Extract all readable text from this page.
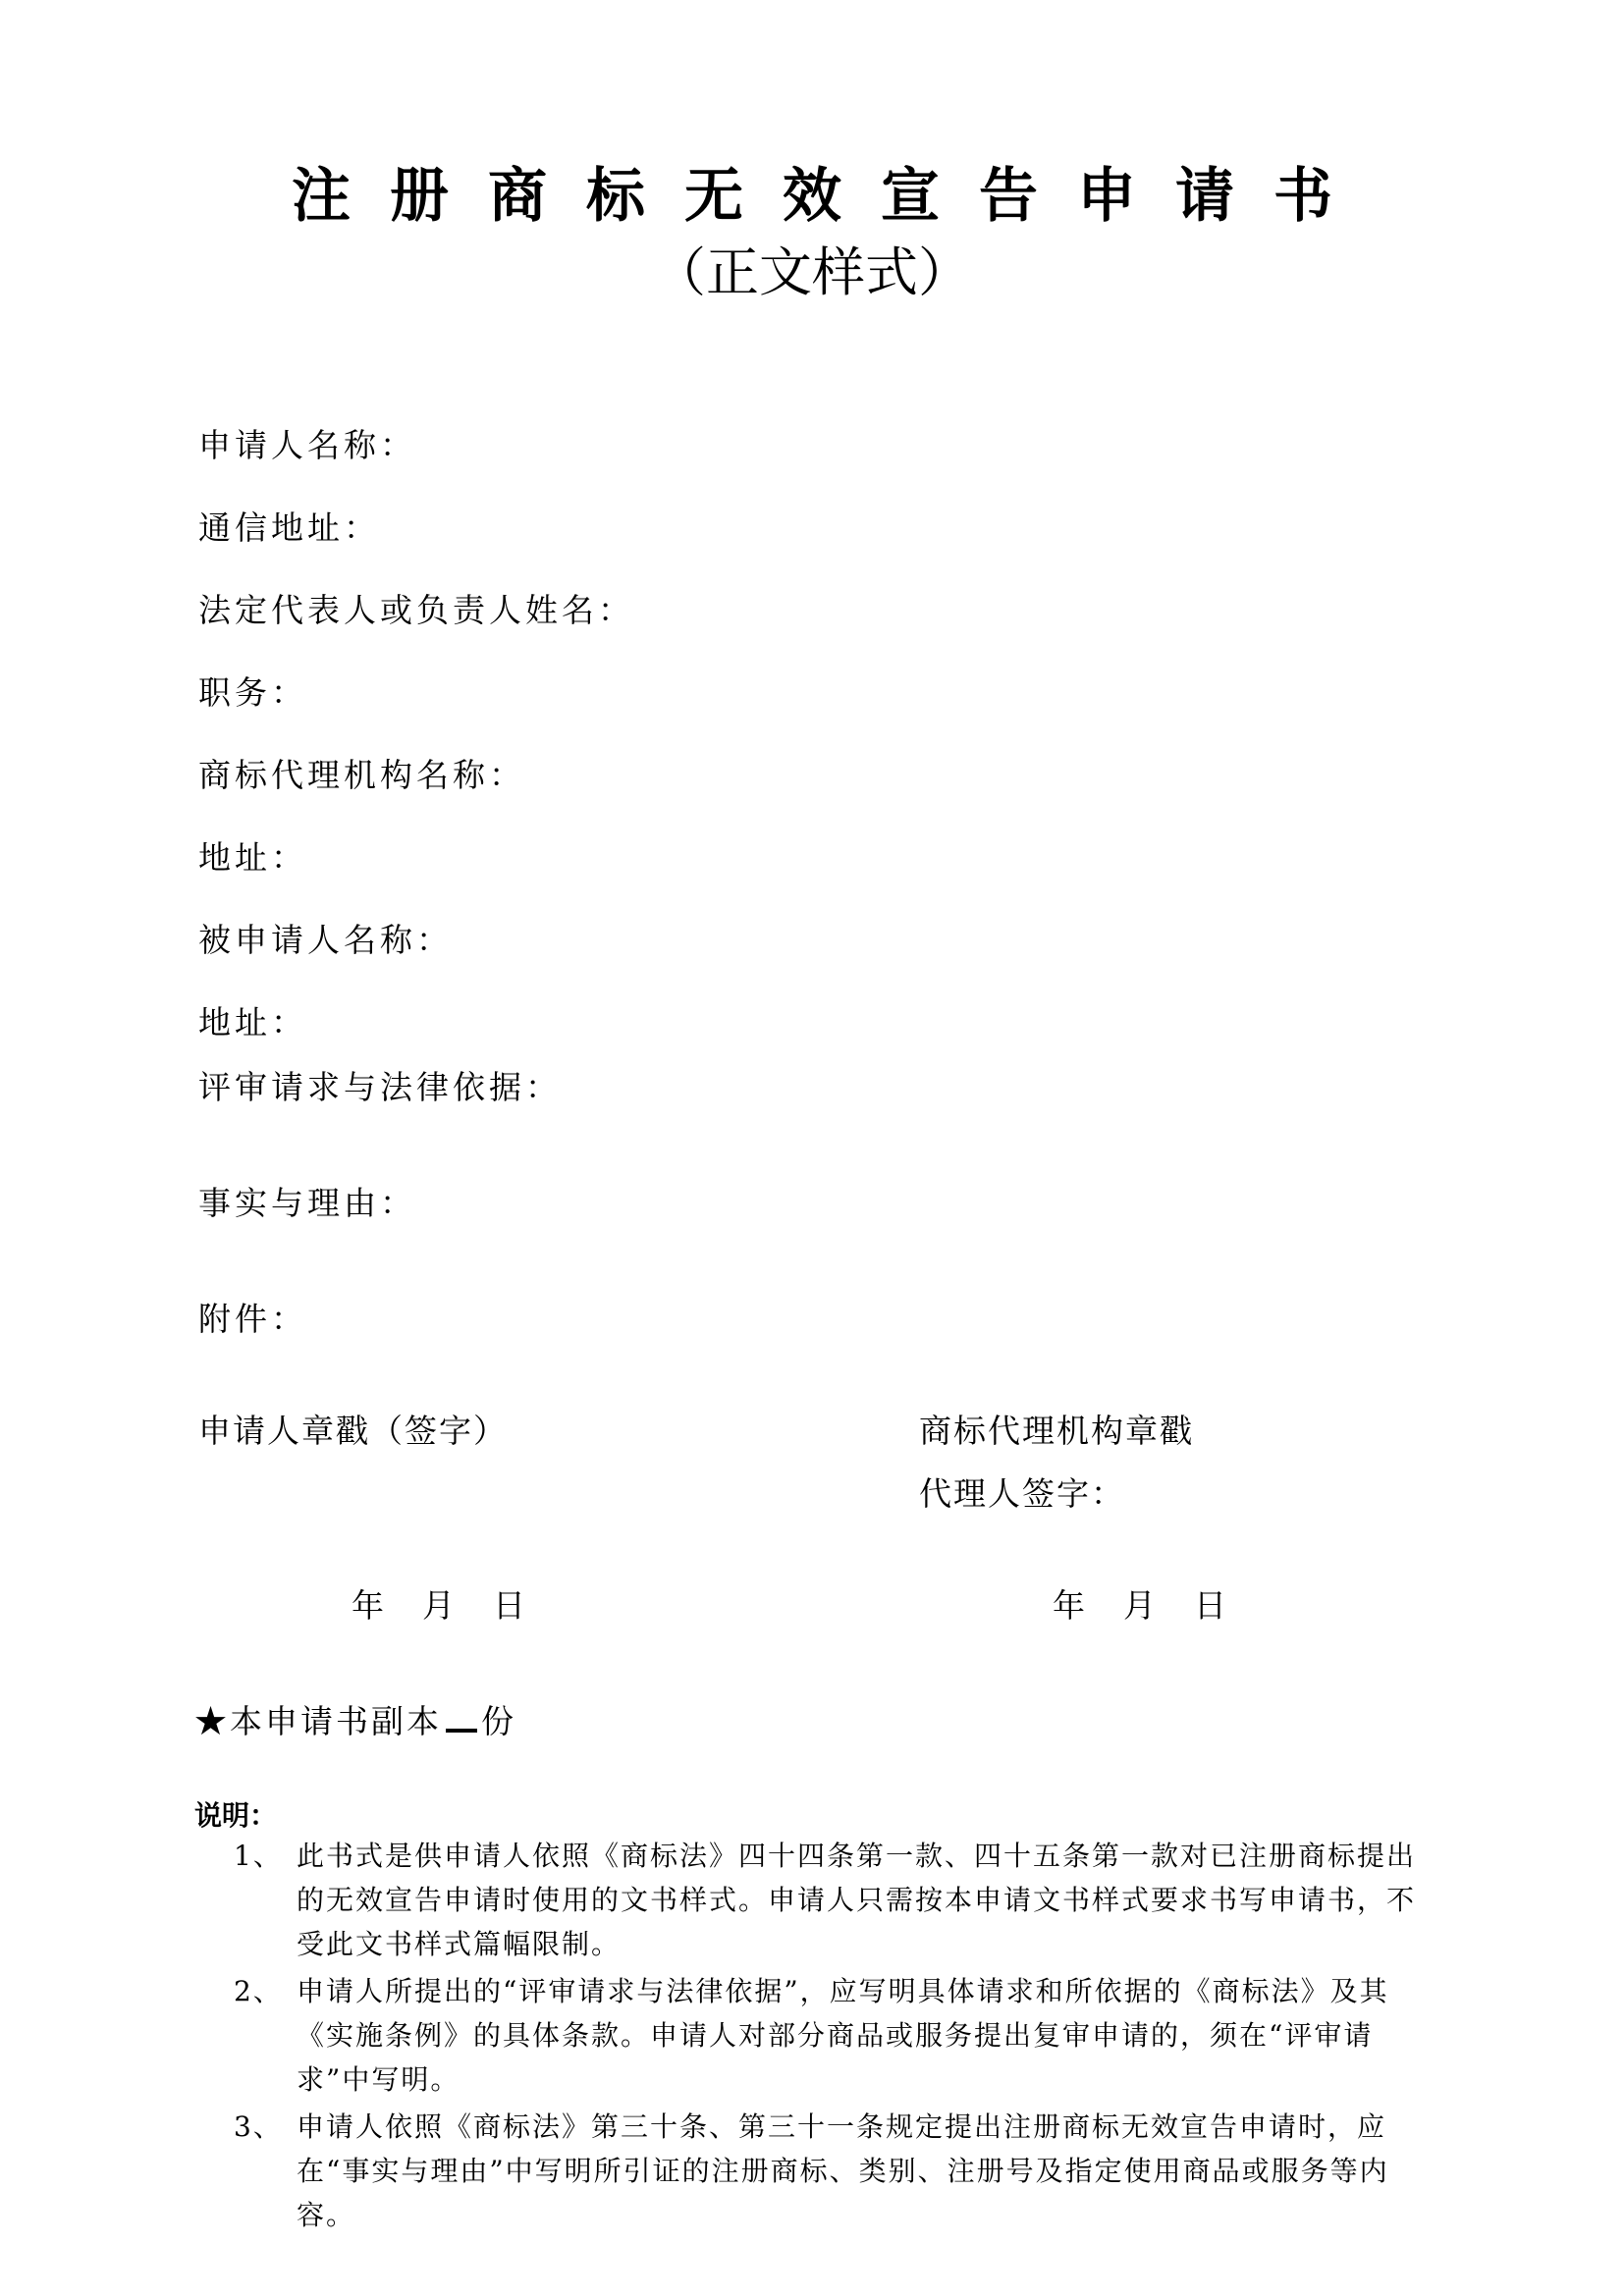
注册商标无效宣告申请书
（正文样式）
申请人名称：
通信地址：
法定代表人或负责人姓名：
职务：
商标代理机构名称：
地址：
被申请人名称：
地址：
评审请求与法律依据：
事实与理由：
附件：
申请人章戳（签字）	商标代理机构章戳
代理人签字：
年 月 日	年 月 日
★本申请书副本 份
说明：
1、 此书式是供申请人依照《商标法》四十四条第一款、四十五条第一款对已注册商标提出的无效宣告申请时使用的文书样式。申请人只需按本申请文书样式要求书写申请书，不受此文书样式篇幅限制。
2、 申请人所提出的“评审请求与法律依据”，应写明具体请求和所依据的《商标法》及其《实施条例》的具体条款。申请人对部分商品或服务提出复审申请的，须在“评审请求”中写明。
3、 申请人依照《商标法》第三十条、第三十一条规定提出注册商标无效宣告申请时，应在“事实与理由”中写明所引证的注册商标、类别、注册号及指定使用商品或服务等内容。
